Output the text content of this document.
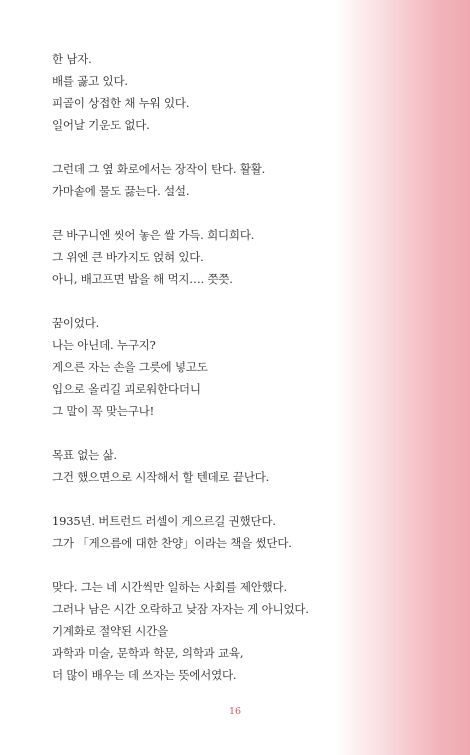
한 남자.
배를 곯고 있다.
피골이 상접한 채 누워 있다.
일어날 기운도 없다.
그런데 그 옆 화로에서는 장작이 탄다. 활활.
가마솥에 물도 끓는다. 설설.
큰 바구니엔 씻어 놓은 쌀 가득. 희디희다.
그 위엔 큰 바가지도 얹혀 있다.
아니, 배고프면 밥을 해 먹지…. 쯧쯧.
꿈이었다.
나는 아닌데. 누구지?
게으른 자는 손을 그릇에 넣고도
입으로 올리길 괴로워한다더니
그 말이 꼭 맞는구나!
목표 없는 삶.
그건 했으면으로 시작해서 할 텐데로 끝난다.
1935년. 버트런드 러셀이 게으르길 권했단다.
그가 「게으름에 대한 찬양」이라는 책을 썼단다.
맞다. 그는 네 시간씩만 일하는 사회를 제안했다.
그러나 남은 시간 오락하고 낮잠 자자는 게 아니었다.
기계화로 절약된 시간을
과학과 미술, 문학과 학문, 의학과 교육,
더 많이 배우는 데 쓰자는 뜻에서였다.
16
